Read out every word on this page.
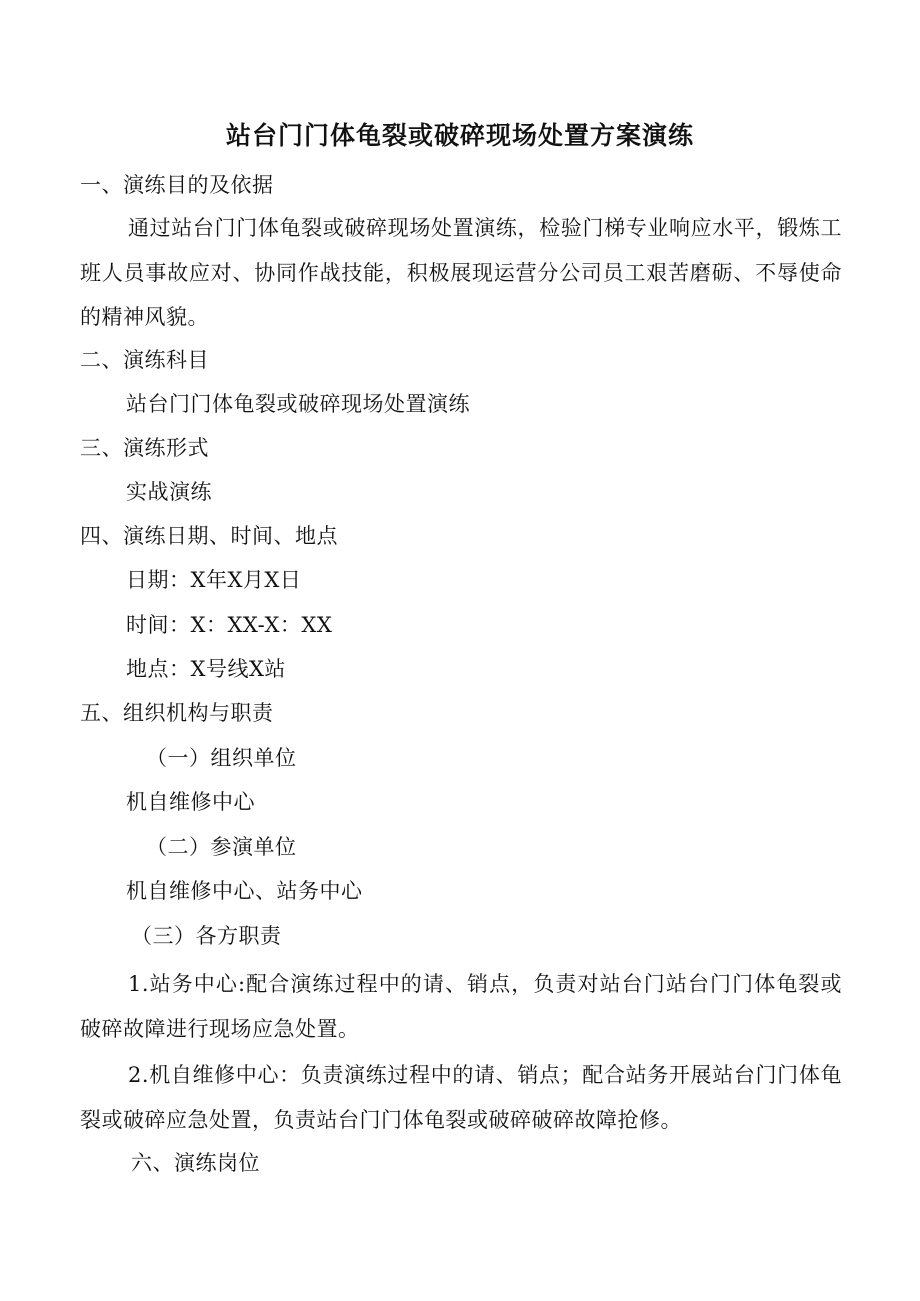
站台门门体龟裂或破碎现场处置方案演练
一、演练目的及依据

通过站台门门体龟裂或破碎现场处置演练，检验门梯专业响应水平，锻炼工班人员事故应对、协同作战技能，积极展现运营分公司员工艰苦磨砺、不辱使命的精神风貌。

二、演练科目
站台门门体龟裂或破碎现场处置演练
三、演练形式
实战演练
四、演练日期、时间、地点
日期：X年X月X日
时间：X：XX-X：XX
地点：X号线X站
五、组织机构与职责
（一）组织单位
机自维修中心
（二）参演单位
机自维修中心、站务中心
（三）各方职责

1.站务中心:配合演练过程中的请、销点，负责对站台门站台门门体龟裂或破碎故障进行现场应急处置。

2.机自维修中心：负责演练过程中的请、销点；配合站务开展站台门门体龟裂或破碎应急处置，负责站台门门体龟裂或破碎破碎故障抢修。

六、演练岗位
